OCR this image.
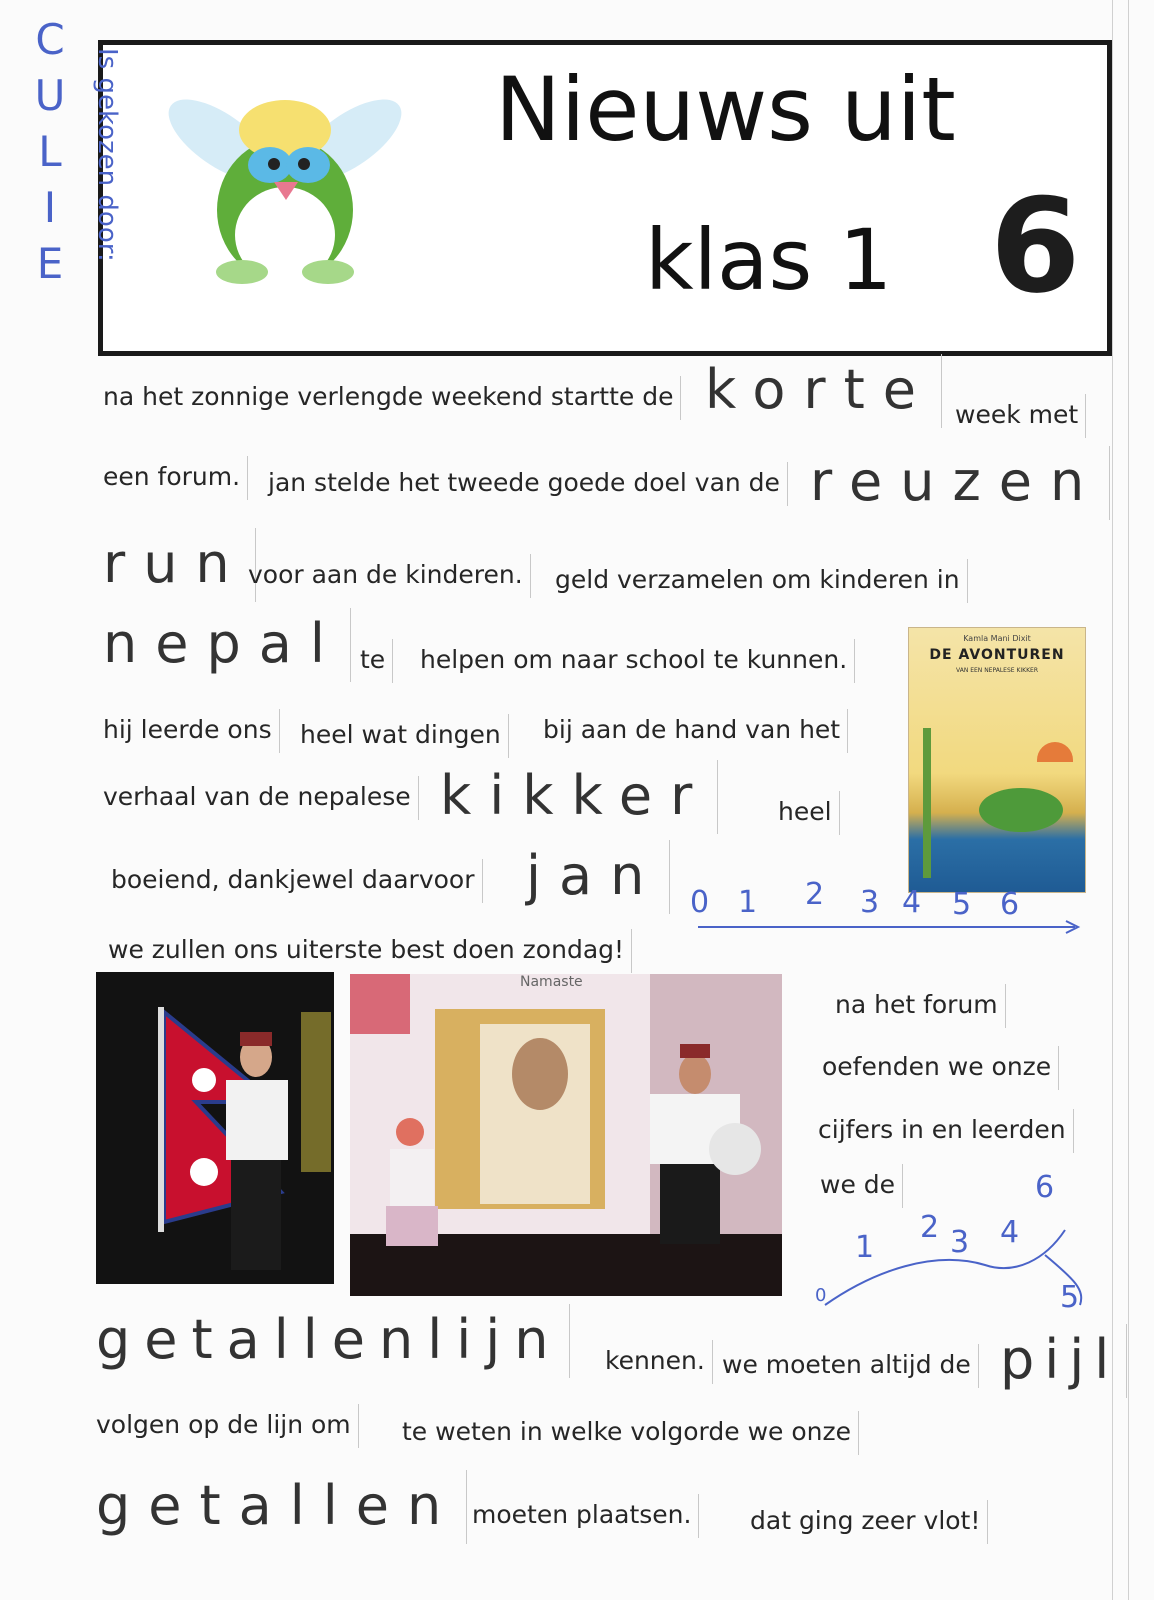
C
U
L
I
E
Is gekozen door:	Nieuws uit
klas 1 6
na het zonnige verlengde weekend startte de korte week met
een forum. jan stelde het tweede goede doel van de reuzen
run voor aan de kinderen. geld verzamelen om kinderen in
nepal te helpen om naar school te kunnen.
hij leerde ons heel wat dingen bij aan de hand van het
verhaal van de nepalese kikker	heel
boeiend, dankjewel daarvoor jan
we zullen ons uiterste best doen zondag!
Kamla Mani Dixit
DE AVONTUREN
VAN EEN NEPALESE KIKKER
0 1 2 3 4 5 6
Namaste
na het forum
oefenden we onze
cijfers in en leerden
we de
0
1
2 3 4
5
6
getallenlijn kennen. we moeten altijd de pijl
volgen op de lijn om te weten in welke volgorde we onze
getallen moeten plaatsen. dat ging zeer vlot!
